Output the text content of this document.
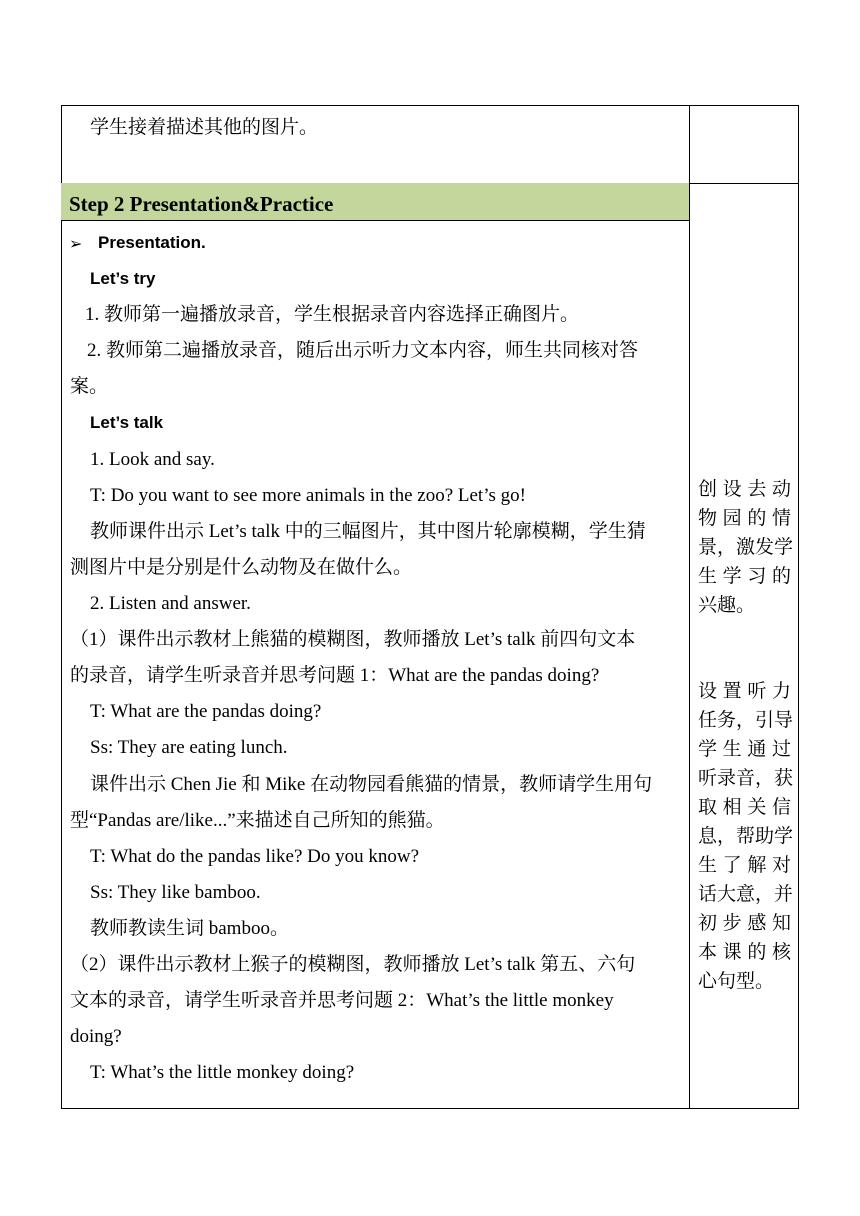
学生接着描述其他的图片。
Step 2 Presentation&Practice
➢ Presentation.
Let’s try
1. 教师第一遍播放录音，学生根据录音内容选择正确图片。
2. 教师第二遍播放录音，随后出示听力文本内容，师生共同核对答
案。
Let’s talk
1. Look and say.
T: Do you want to see more animals in the zoo? Let’s go!
教师课件出示 Let’s talk 中的三幅图片，其中图片轮廓模糊，学生猜
测图片中是分别是什么动物及在做什么。
2. Listen and answer.
（1）课件出示教材上熊猫的模糊图，教师播放 Let’s talk 前四句文本
的录音，请学生听录音并思考问题 1：What are the pandas doing?
T: What are the pandas doing?
Ss: They are eating lunch.
课件出示 Chen Jie 和 Mike 在动物园看熊猫的情景，教师请学生用句
型“Pandas are/like...”来描述自己所知的熊猫。
T: What do the pandas like? Do you know?
Ss: They like bamboo.
教师教读生词 bamboo。
（2）课件出示教材上猴子的模糊图，教师播放 Let’s talk 第五、六句
文本的录音，请学生听录音并思考问题 2：What’s the little monkey
doing?
T: What’s the little monkey doing?
创设去动
物园的情
景，激发学
生学习的
兴趣。
设置听力
任务，引导
学生通过
听录音，获
取相关信
息，帮助学
生了解对
话大意，并
初步感知
本课的核
心句型。
